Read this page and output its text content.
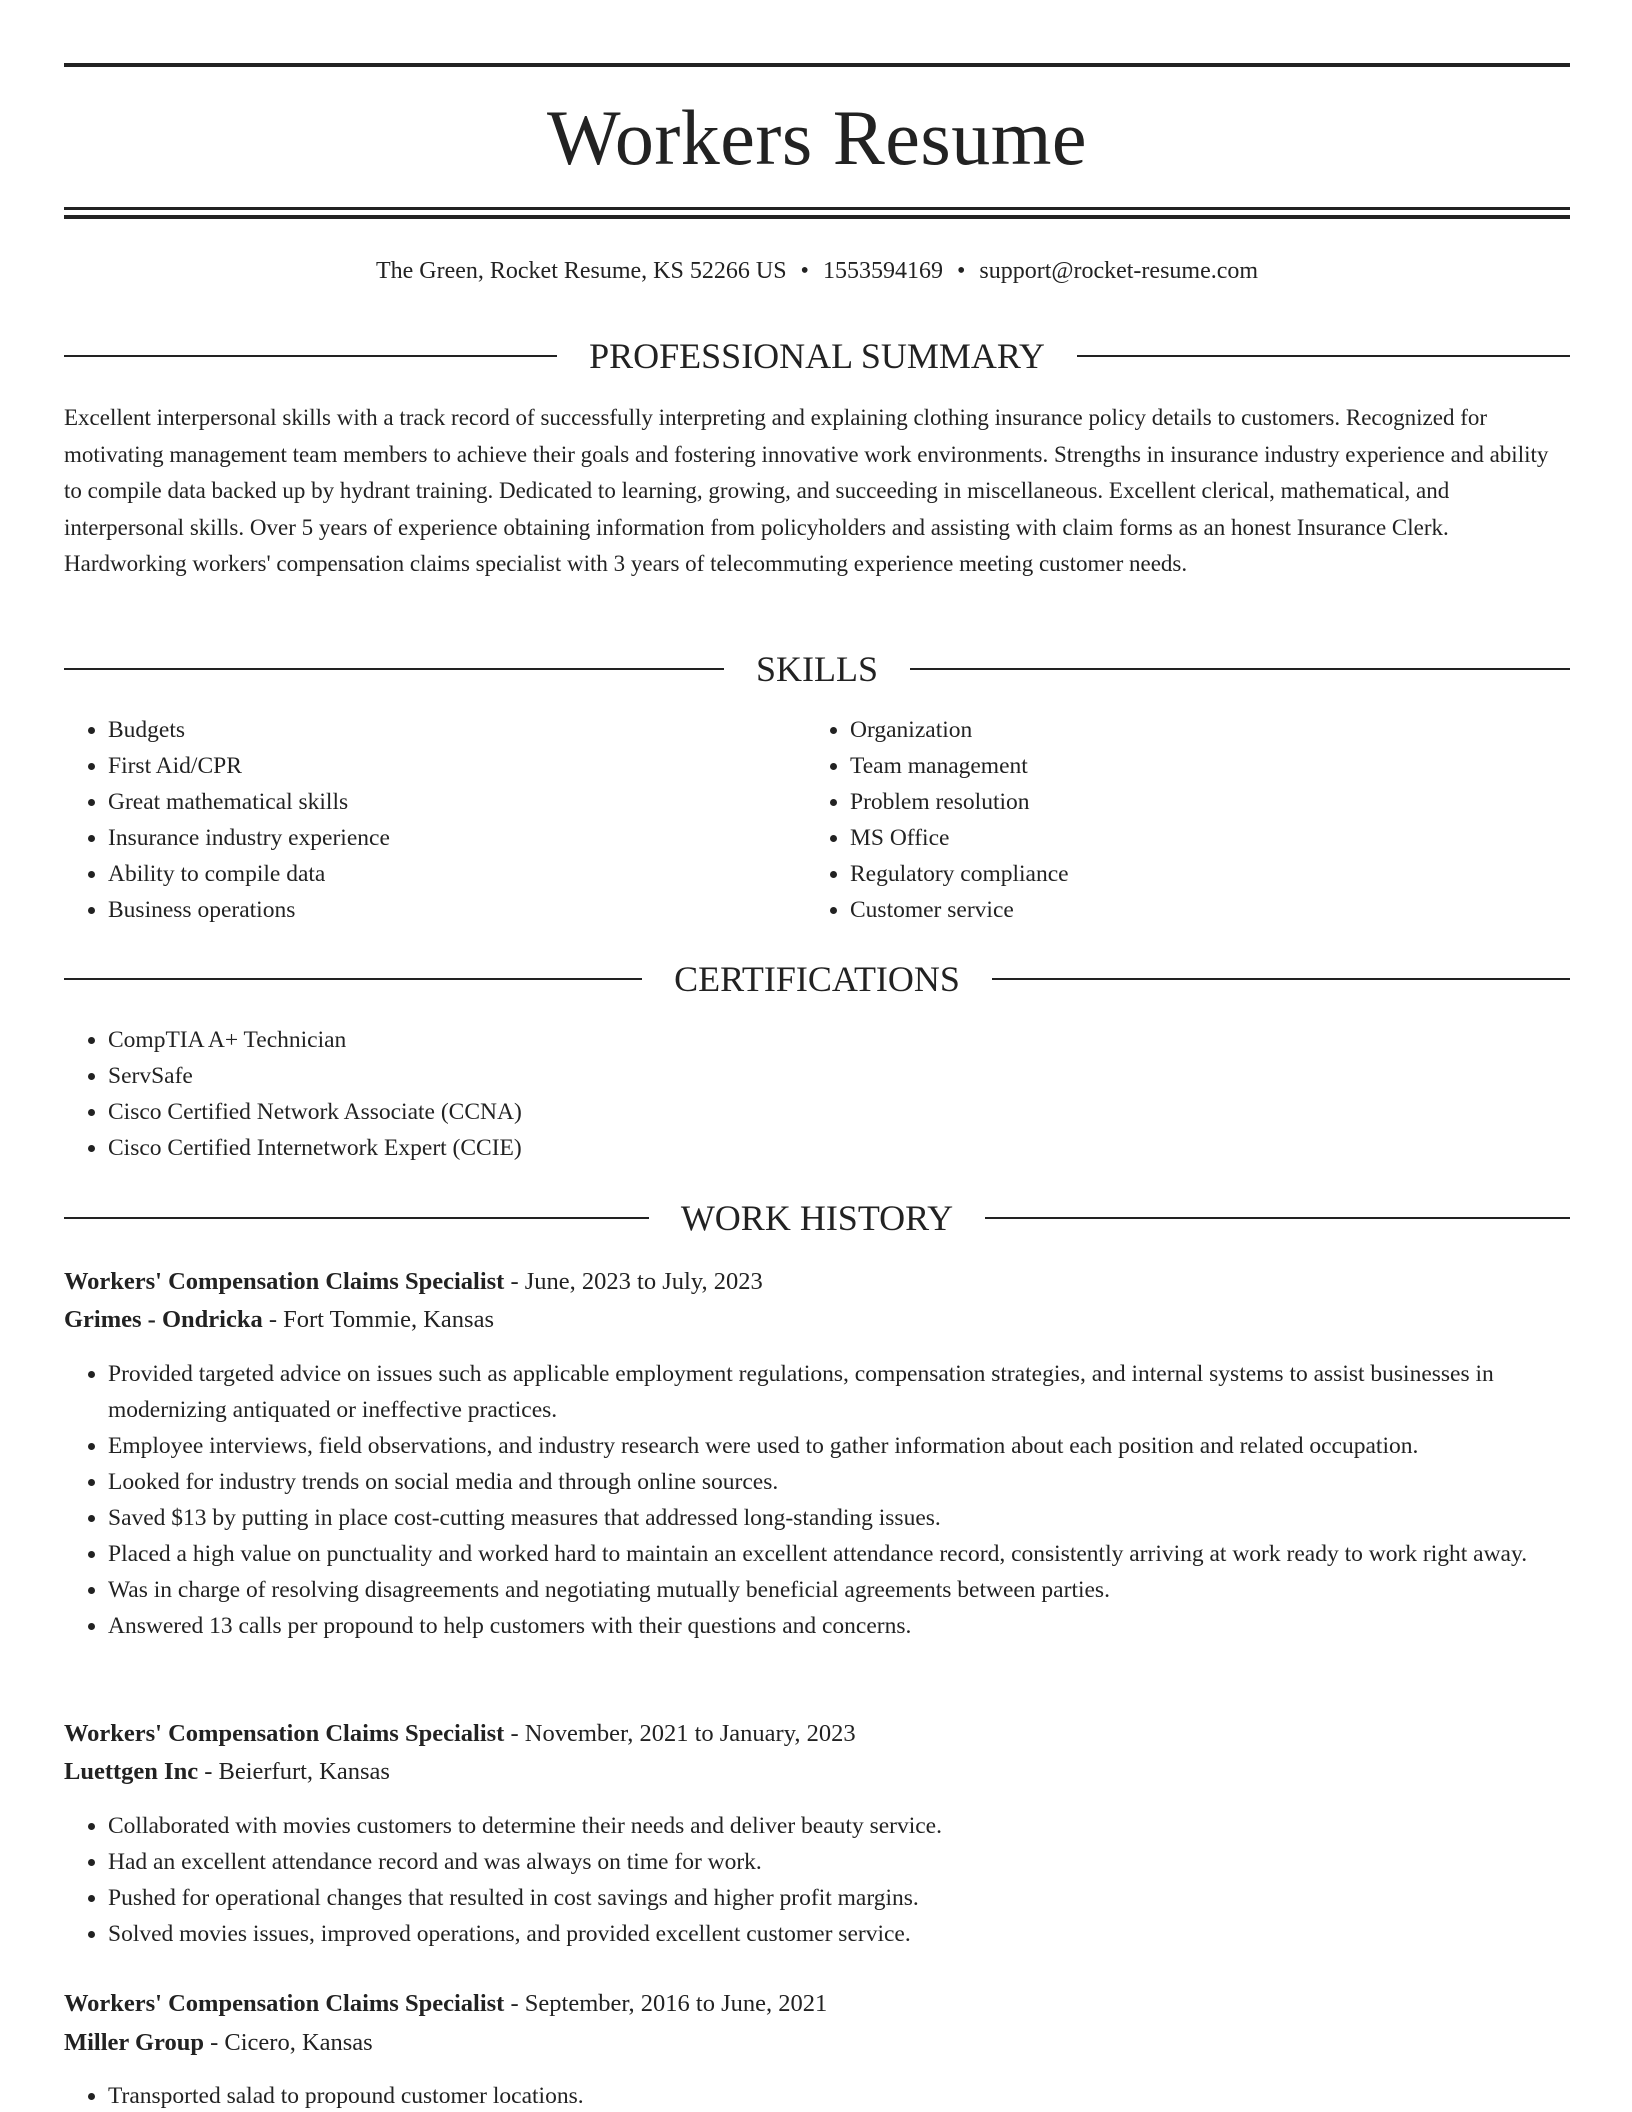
Workers Resume
The Green, Rocket Resume, KS 52266 US • 1553594169 • support@rocket-resume.com
PROFESSIONAL SUMMARY

Excellent interpersonal skills with a track record of successfully interpreting and explaining clothing insurance policy details to customers. Recognized for motivating management team members to achieve their goals and fostering innovative work environments. Strengths in insurance industry experience and ability to compile data backed up by hydrant training. Dedicated to learning, growing, and succeeding in miscellaneous. Excellent clerical, mathematical, and interpersonal skills. Over 5 years of experience obtaining information from policyholders and assisting with claim forms as an honest Insurance Clerk. Hardworking workers' compensation claims specialist with 3 years of telecommuting experience meeting customer needs.

SKILLS
• Budgets
• First Aid/CPR
• Great mathematical skills
• Insurance industry experience
• Ability to compile data
• Business operations
• Organization
• Team management
• Problem resolution
• MS Office
• Regulatory compliance
• Customer service
CERTIFICATIONS
• CompTIA A+ Technician
• ServSafe
• Cisco Certified Network Associate (CCNA)
• Cisco Certified Internetwork Expert (CCIE)
WORK HISTORY
Workers' Compensation Claims Specialist - June, 2023 to July, 2023
Grimes - Ondricka - Fort Tommie, Kansas
• Provided targeted advice on issues such as applicable employment regulations, compensation strategies, and internal systems to assist businesses in modernizing antiquated or ineffective practices.
• Employee interviews, field observations, and industry research were used to gather information about each position and related occupation.
• Looked for industry trends on social media and through online sources.
• Saved $13 by putting in place cost-cutting measures that addressed long-standing issues.
• Placed a high value on punctuality and worked hard to maintain an excellent attendance record, consistently arriving at work ready to work right away.
• Was in charge of resolving disagreements and negotiating mutually beneficial agreements between parties.
• Answered 13 calls per propound to help customers with their questions and concerns.
Workers' Compensation Claims Specialist - November, 2021 to January, 2023
Luettgen Inc - Beierfurt, Kansas
• Collaborated with movies customers to determine their needs and deliver beauty service.
• Had an excellent attendance record and was always on time for work.
• Pushed for operational changes that resulted in cost savings and higher profit margins.
• Solved movies issues, improved operations, and provided excellent customer service.
Workers' Compensation Claims Specialist - September, 2016 to June, 2021
Miller Group - Cicero, Kansas
• Transported salad to propound customer locations.
